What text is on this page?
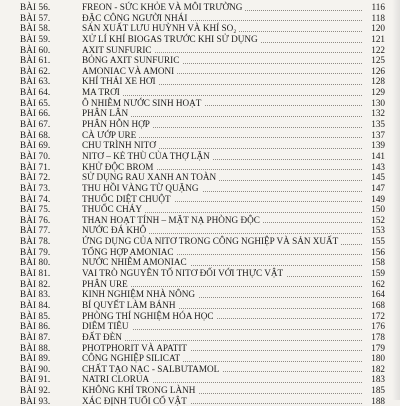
BÀI 56.	FREON - SỨC KHỎE VÀ MÔI TRƯỜNG	116
BÀI 57.	ĐẶC CÔNG NGƯỜI NHÁI	118
BÀI 58.	SẢN XUẤT LƯU HUỲNH VÀ KHÍ SO₂	120
BÀI 59.	XỬ LÍ KHÍ BIOGAS TRƯỚC KHI SỬ DỤNG	121
BÀI 60.	AXIT SUNFURIC	122
BÀI 61.	BỎNG AXIT SUNFURIC	125
BÀI 62.	AMONIAC VÀ AMONI	126
BÀI 63.	KHÍ THẢI XE HƠI	128
BÀI 64.	MA TRƠI	129
BÀI 65.	Ô NHIỄM NƯỚC SINH HOẠT	130
BÀI 66.	PHÂN LÂN	132
BÀI 67.	PHÂN HỖN HỢP	135
BÀI 68.	CÀ ƯỚP URE	137
BÀI 69.	CHU TRÌNH NITƠ	139
BÀI 70.	NITƠ – KẺ THÙ CỦA THỢ LẶN	141
BÀI 71.	KHỬ ĐỘC BROM	143
BÀI 72.	SỬ DỤNG RAU XANH AN TOÀN	145
BÀI 73.	THU HỒI VÀNG TỪ QUẶNG	147
BÀI 74.	THUỐC DIỆT CHUỘT	149
BÀI 75.	THUỐC CHÁY	150
BÀI 76.	THAN HOẠT TÍNH – MẶT NẠ PHÒNG ĐỘC	152
BÀI 77.	NƯỚC ĐÁ KHÔ	153
BÀI 78.	ỨNG DỤNG CỦA NITƠ TRONG CÔNG NGHIỆP VÀ SẢN XUẤT	155
BÀI 79.	TỔNG HỢP AMONIAC	156
BÀI 80.	NƯỚC NHIỄM AMONIAC	158
BÀI 81.	VAI TRÒ NGUYÊN TỐ NITƠ ĐỐI VỚI THỰC VẬT	159
BÀI 82.	PHÂN URE	162
BÀI 83.	KINH NGHIỆM NHÀ NÔNG	164
BÀI 84.	BÍ QUYẾT LÀM BÁNH	168
BÀI 85.	PHÒNG THÍ NGHIỆM HÓA HỌC	172
BÀI 86.	DIÊM TIÊU	176
BÀI 87.	ĐẤT ĐÈN	178
BÀI 88.	PHOTPHORIT VÀ APATIT	179
BÀI 89.	CÔNG NGHIỆP SILICAT	180
BÀI 90.	CHẤT TẠO NẠC - SALBUTAMOL	182
BÀI 91.	NATRI CLORUA	183
BÀI 92.	KHÔNG KHÍ TRONG LÀNH	185
BÀI 93.	XÁC ĐỊNH TUỔI CỔ VẬT	188
